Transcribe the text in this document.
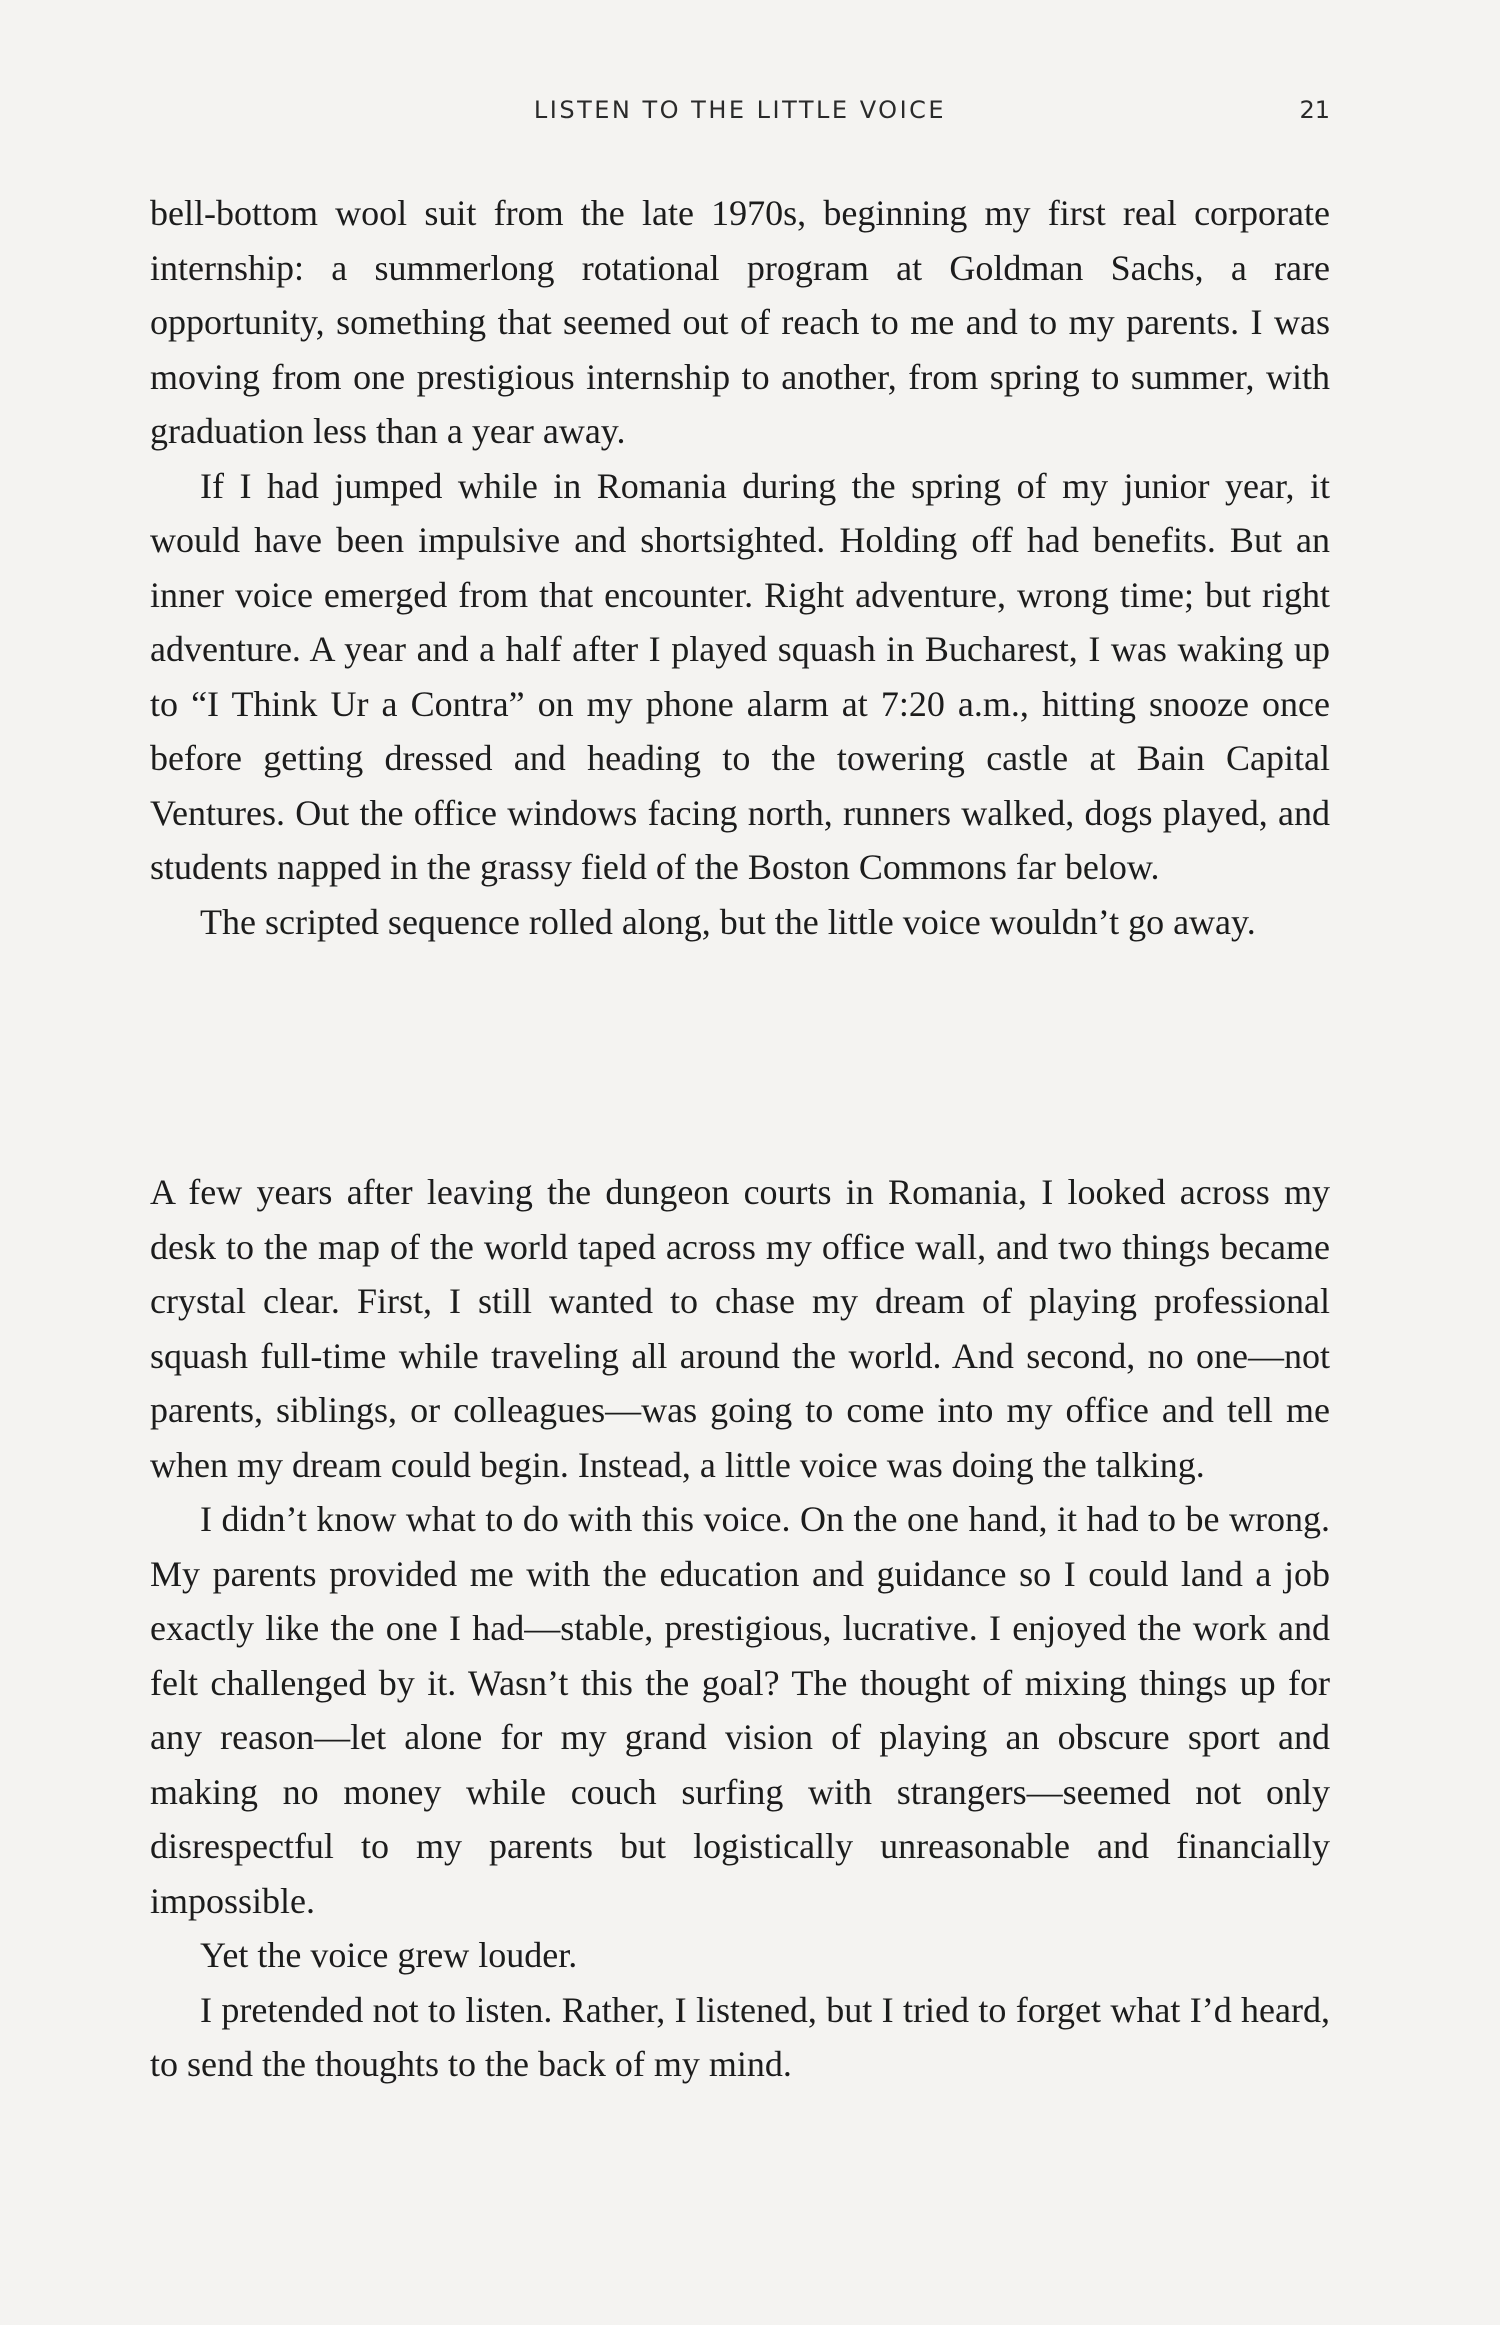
LISTEN TO THE LITTLE VOICE	21

bell-bottom wool suit from the late 1970s, beginning my first real corporate internship: a summerlong rotational program at Goldman Sachs, a rare opportunity, something that seemed out of reach to me and to my parents. I was moving from one prestigious internship to another, from spring to summer, with graduation less than a year away.

If I had jumped while in Romania during the spring of my junior year, it would have been impulsive and shortsighted. Holding off had benefits. But an inner voice emerged from that encounter. Right adventure, wrong time; but right adventure. A year and a half after I played squash in Bucharest, I was waking up to “I Think Ur a Contra” on my phone alarm at 7:20 a.m., hitting snooze once before getting dressed and heading to the towering castle at Bain Capital Ventures. Out the office windows facing north, runners walked, dogs played, and students napped in the grassy field of the Boston Commons far below.

The scripted sequence rolled along, but the little voice wouldn’t go away.

A few years after leaving the dungeon courts in Romania, I looked across my desk to the map of the world taped across my office wall, and two things became crystal clear. First, I still wanted to chase my dream of playing professional squash full-time while traveling all around the world. And second, no one—not parents, siblings, or colleagues—was going to come into my office and tell me when my dream could begin. Instead, a little voice was doing the talking.

I didn’t know what to do with this voice. On the one hand, it had to be wrong. My parents provided me with the education and guidance so I could land a job exactly like the one I had—stable, prestigious, lucrative. I enjoyed the work and felt challenged by it. Wasn’t this the goal? The thought of mixing things up for any reason—let alone for my grand vision of playing an obscure sport and making no money while couch surfing with strangers—seemed not only disrespectful to my parents but logistically unreasonable and financially impossible.

Yet the voice grew louder.

I pretended not to listen. Rather, I listened, but I tried to forget what I’d heard, to send the thoughts to the back of my mind.
